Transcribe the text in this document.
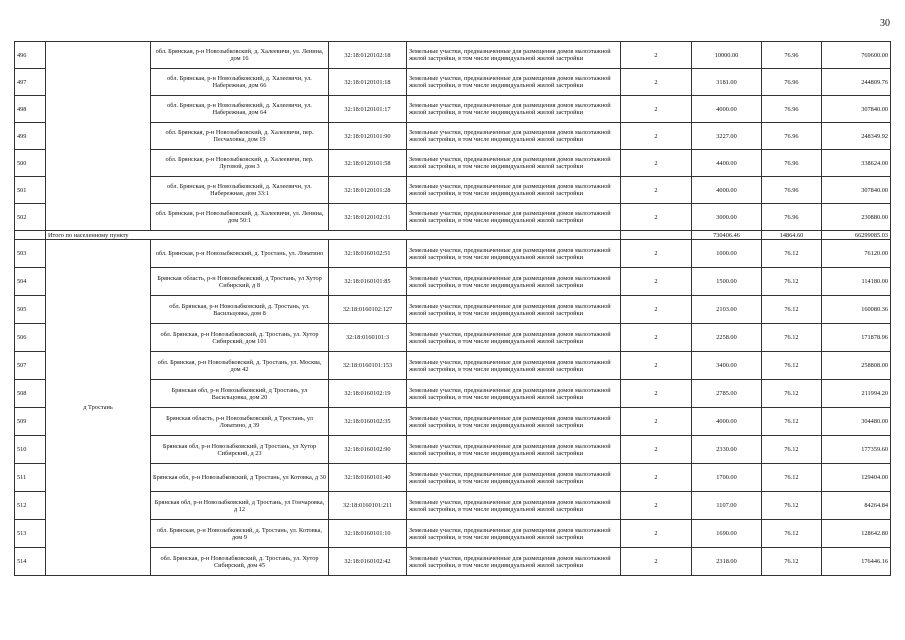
30
496		обл. Брянская, р-н Новозыбковский, д. Халеевичи, ул. Ленина, дом 16	32:18:0120102:18	Земельные участки, предназначенные для размещения домов малоэтажной жилой застройки, в том числе индивидуальной жилой застройки	2	10000.00	76.96	769600.00
497		обл. Брянская, р-н Новозыбковский, д. Халеевичи, ул. Набережная, дом 66	32:18:0120101:18	Земельные участки, предназначенные для размещения домов малоэтажной жилой застройки, в том числе индивидуальной жилой застройки	2	3181.00	76.96	244809.76
498		обл. Брянская, р-н Новозыбковский, д. Халеевичи, ул. Набережная, дом 64	32:18:0120101:17	Земельные участки, предназначенные для размещения домов малоэтажной жилой застройки, в том числе индивидуальной жилой застройки	2	4000.00	76.96	307840.00
499		обл. Брянская, р-н Новозыбковский, д. Халеевичи, пер. Песчаховка, дом 19	32:18:0120101:90	Земельные участки, предназначенные для размещения домов малоэтажной жилой застройки, в том числе индивидуальной жилой застройки	2	3227.00	76.96	248349.92
500		обл. Брянская, р-н Новозыбковский, д. Халеевичи, пер. Луговой, дом 3	32:18:0120101:58	Земельные участки, предназначенные для размещения домов малоэтажной жилой застройки, в том числе индивидуальной жилой застройки	2	4400.00	76.96	338624.00
501		обл. Брянская, р-н Новозыбковский, д. Халеевичи, ул. Набережная, дом 33:1	32:18:0120101:28	Земельные участки, предназначенные для размещения домов малоэтажной жилой застройки, в том числе индивидуальной жилой застройки	2	4000.00	76.96	307840.00
502		обл. Брянская, р-н Новозыбковский, д. Халеевичи, ул. Ленина, дом 50:1	32:18:0120102:31	Земельные участки, предназначенные для размещения домов малоэтажной жилой застройки, в том числе индивидуальной жилой застройки	2	3000.00	76.96	230880.00
	Итого по населенному пункту					730406.46	14864.60	66299085.03
503	д Тростань	обл. Брянская, р-н Новозыбковский, д. Тростань, ул. Ловатино	32:18:0160102:51	Земельные участки, предназначенные для размещения домов малоэтажной жилой застройки, в том числе индивидуальной жилой застройки	2	1000.00	76.12	76120.00
504		Брянская область, р-н Новозыбковский, д Тростань, ул Хутор Сибирский, д 8	32:18:0160101:85	Земельные участки, предназначенные для размещения домов малоэтажной жилой застройки, в том числе индивидуальной жилой застройки	2	1500.00	76.12	114180.00
505		обл. Брянская, р-н Новозыбковский, д. Тростань, ул. Васильцовка, дом 8	32:18:0160102:127	Земельные участки, предназначенные для размещения домов малоэтажной жилой застройки, в том числе индивидуальной жилой застройки	2	2103.00	76.12	160080.36
506		обл. Брянская, р-н Новозыбковский, д. Тростань, ул. Хутор Сибирский, дом 101	32:18:0160101:3	Земельные участки, предназначенные для размещения домов малоэтажной жилой застройки, в том числе индивидуальной жилой застройки	2	2258.00	76.12	171878.96
507		обл. Брянская, р-н Новозыбковский, д. Тростань, ул. Москва, дом 42	32:18:0160101:153	Земельные участки, предназначенные для размещения домов малоэтажной жилой застройки, в том числе индивидуальной жилой застройки	2	3400.00	76.12	258808.00
508		Брянская обл, р-н Новозыбковский, д Тростань, ул Васильцовка, дом 20	32:18:0160102:19	Земельные участки, предназначенные для размещения домов малоэтажной жилой застройки, в том числе индивидуальной жилой застройки	2	2785.00	76.12	211994.20
509		Брянская область, р-н Новозыбковский, д Тростань, ул Ловатино, д 39	32:18:0160102:35	Земельные участки, предназначенные для размещения домов малоэтажной жилой застройки, в том числе индивидуальной жилой застройки	2	4000.00	76.12	304480.00
510		Брянская обл, р-н Новозыбковский, д Тростань, ул Хутор Сибирский, д 23	32:18:0160102:90	Земельные участки, предназначенные для размещения домов малоэтажной жилой застройки, в том числе индивидуальной жилой застройки	2	2330.00	76.12	177359.60
511		Брянская обл, р-н Новозыбковский, д Тростань, ул Котовка, д 30	32:18:0160101:40	Земельные участки, предназначенные для размещения домов малоэтажной жилой застройки, в том числе индивидуальной жилой застройки	2	1700.00	76.12	129404.00
512		Брянская обл, р-н Новозыбковский, д Тростань, ул Гончаровка, д 12	32:18:0160101:211	Земельные участки, предназначенные для размещения домов малоэтажной жилой застройки, в том числе индивидуальной жилой застройки	2	1107.00	76.12	84264.84
513		обл. Брянская, р-н Новозыбковский, д. Тростань, ул. Котовка, дом 9	32:18:0160101:10	Земельные участки, предназначенные для размещения домов малоэтажной жилой застройки, в том числе индивидуальной жилой застройки	2	1690.00	76.12	128642.80
514		обл. Брянская, р-н Новозыбковский, д. Тростань, ул. Хутор Сибирский, дом 45	32:18:0160102:42	Земельные участки, предназначенные для размещения домов малоэтажной жилой застройки, в том числе индивидуальной жилой застройки	2	2318.00	76.12	176446.16
